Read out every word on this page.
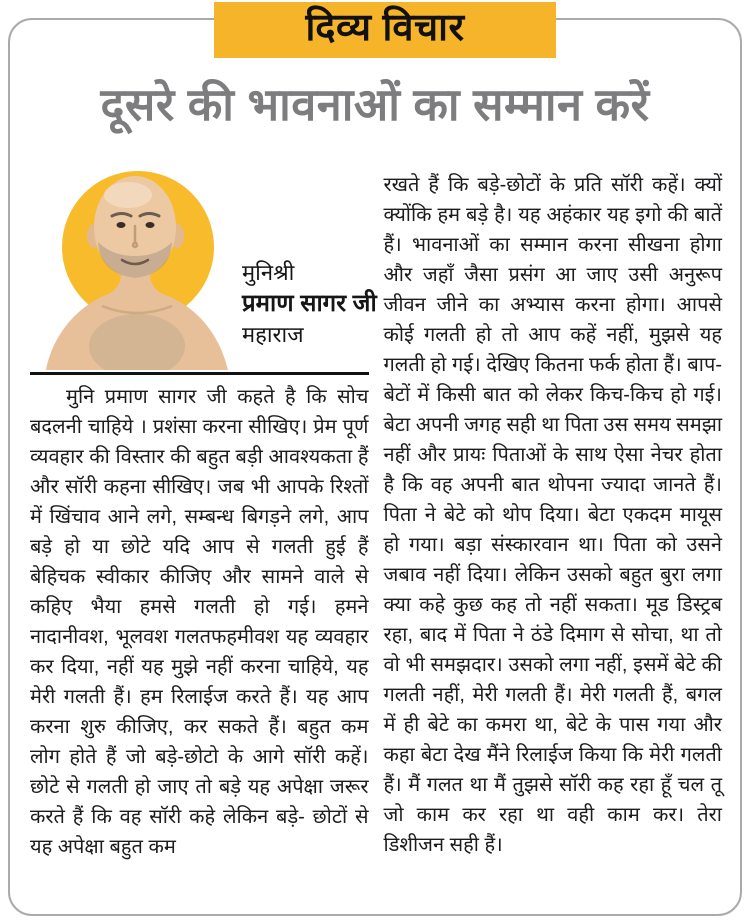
दिव्य विचार
दूसरे की भावनाओं का सम्मान करें
मुनिश्री
प्रमाण सागर जी
महाराज

मुनि प्रमाण सागर जी कहते है कि सोच बदलनी चाहिये । प्रशंसा करना सीखिए। प्रेम पूर्ण व्यवहार की विस्तार की बहुत बड़ी आवश्यकता हैं और सॉरी कहना सीखिए। जब भी आपके रिश्तों में खिंचाव आने लगे, सम्बन्ध बिगड़ने लगे, आप बड़े हो या छोटे यदि आप से गलती हुई हैं बेहिचक स्वीकार कीजिए और सामने वाले से कहिए भैया हमसे गलती हो गई। हमने नादानीवश, भूलवश गलतफहमीवश यह व्यवहार कर दिया, नहीं यह मुझे नहीं करना चाहिये, यह मेरी गलती हैं। हम रिलाईज करते हैं। यह आप करना शुरु कीजिए, कर सकते हैं। बहुत कम लोग होते हैं जो बड़े-छोटो के आगे सॉरी कहें। छोटे से गलती हो जाए तो बड़े यह अपेक्षा जरूर करते हैं कि वह सॉरी कहे लेकिन बड़े- छोटों से यह अपेक्षा बहुत कम

रखते हैं कि बड़े-छोटों के प्रति सॉरी कहें। क्यों क्योंकि हम बड़े है। यह अहंकार यह इगो की बातें हैं। भावनाओं का सम्मान करना सीखना होगा और जहाँ जैसा प्रसंग आ जाए उसी अनुरूप जीवन जीने का अभ्यास करना होगा। आपसे कोई गलती हो तो आप कहें नहीं, मुझसे यह गलती हो गई। देखिए कितना फर्क होता हैं। बाप-बेटों में किसी बात को लेकर किच-किच हो गई। बेटा अपनी जगह सही था पिता उस समय समझा नहीं और प्रायः पिताओं के साथ ऐसा नेचर होता है कि वह अपनी बात थोपना ज्यादा जानते हैं। पिता ने बेटे को थोप दिया। बेटा एकदम मायूस हो गया। बड़ा संस्कारवान था। पिता को उसने जबाव नहीं दिया। लेकिन उसको बहुत बुरा लगा क्या कहे कुछ कह तो नहीं सकता। मूड डिस्ट्रब रहा, बाद में पिता ने ठंडे दिमाग से सोचा, था तो वो भी समझदार। उसको लगा नहीं, इसमें बेटे की गलती नहीं, मेरी गलती हैं। मेरी गलती हैं, बगल में ही बेटे का कमरा था, बेटे के पास गया और कहा बेटा देख मैंने रिलाईज किया कि मेरी गलती हैं। मैं गलत था मैं तुझसे सॉरी कह रहा हूँ चल तू जो काम कर रहा था वही काम कर। तेरा डिशीजन सही हैं।
